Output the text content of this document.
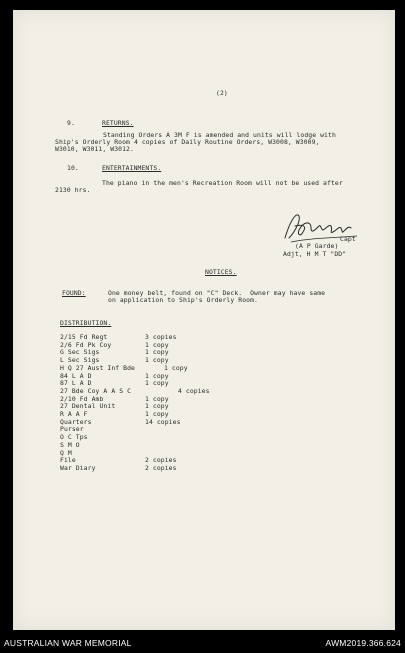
(2)
9.	RETURNS.
Standing Orders A 3M F is amended and units will lodge with
Ship's Orderly Room 4 copies of Daily Routine Orders, W3008, W3009,
W3010, W3011, W3012.
10.	ENTERTAINMENTS.
The piano in the men's Recreation Room will not be used after
2130 hrs.
Capt
(A P Garde)
Adjt, H M T "DD"
NOTICES.
FOUND:	One money belt, found on "C" Deck.  Owner may have same
on application to Ship's Orderly Room.
DISTRIBUTION.
2/15 Fd Regt	3 copies
2/6 Fd Pk Coy	1 copy
G Sec Sigs	1 copy
L Sec Sigs	1 copy
H Q 27 Aust Inf Bde	1 copy
84 L A D	1 copy
87 L A D	1 copy
27 Bde Coy A A S C	4 copies
2/10 Fd Amb	1 copy
27 Dental Unit	1 copy
R A A F	1 copy
Quarters	14 copies
Purser
O C Tps
S M O
Q M
File	2 copies
War Diary	2 copies
AUSTRALIAN WAR MEMORIAL	AWM2019.366.624
